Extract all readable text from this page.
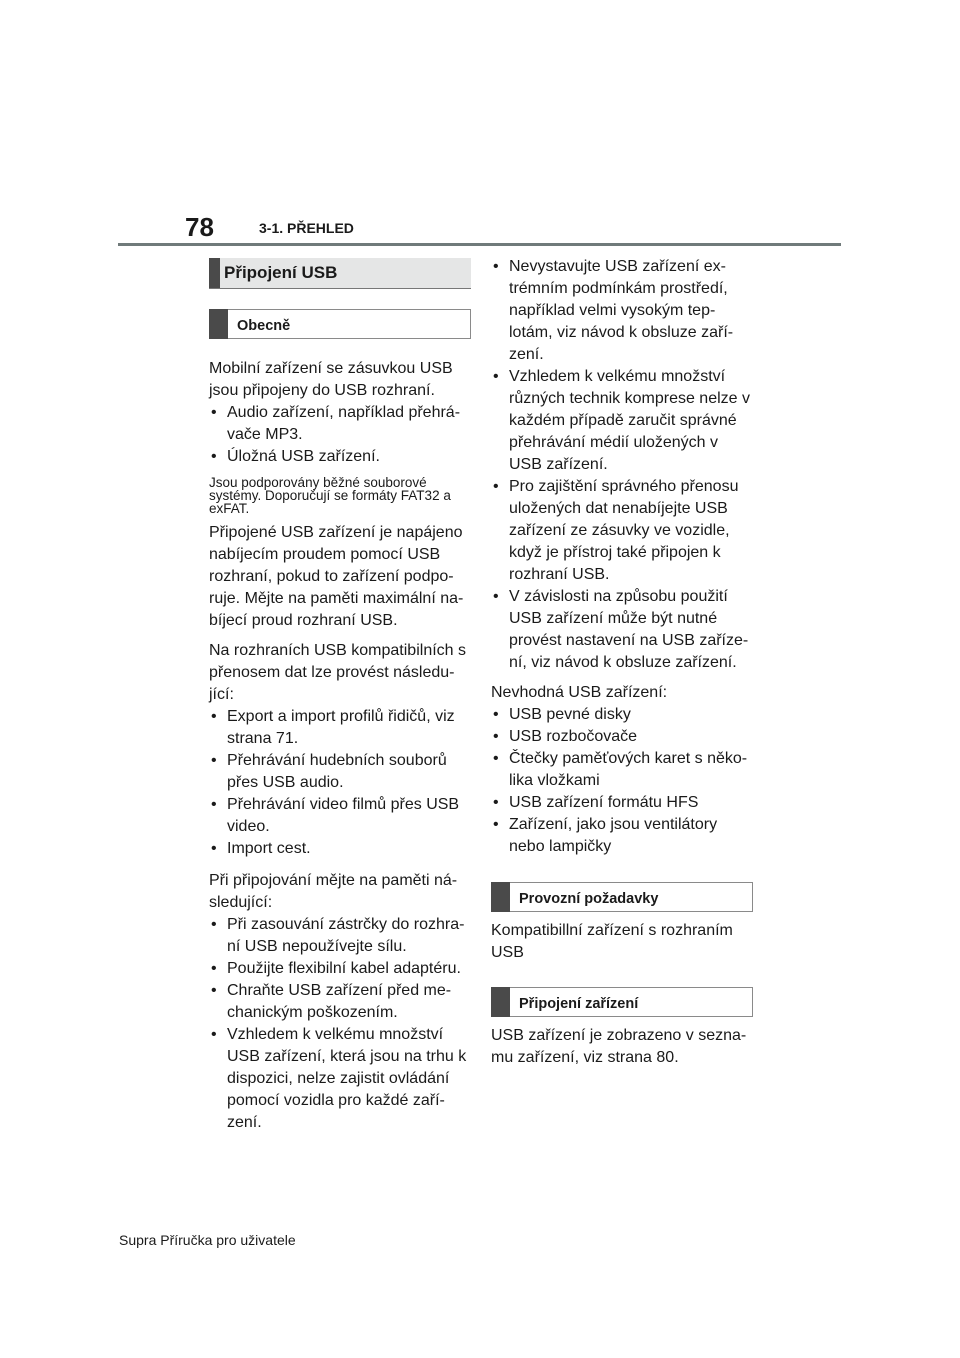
78	3-1. PŘEHLED
Připojení USB
Obecně

Mobilní zařízení se zásuvkou USB jsou připojeny do USB rozhraní.

• Audio zařízení, například přehrá-vače MP3.
• Úložná USB zařízení.

Jsou podporovány běžné souborové systémy. Doporučují se formáty FAT32 a exFAT.

Připojené USB zařízení je napájeno nabíjecím proudem pomocí USB rozhraní, pokud to zařízení podpo-ruje. Mějte na paměti maximální na-bíjecí proud rozhraní USB.

Na rozhraních USB kompatibilních s přenosem dat lze provést následu-jící:

• Export a import profilů řidičů, viz strana 71.
• Přehrávání hudebních souborů přes USB audio.
• Přehrávání video filmů přes USB video.
• Import cest.

Při připojování mějte na paměti ná-sledující:

• Při zasouvání zástrčky do rozhra-ní USB nepoužívejte sílu.
• Použijte flexibilní kabel adaptéru.
• Chraňte USB zařízení před me-chanickým poškozením.
• Vzhledem k velkému množství USB zařízení, která jsou na trhu k dispozici, nelze zajistit ovládání pomocí vozidla pro každé zaří-zení.
• Nevystavujte USB zařízení ex-trémním podmínkám prostředí, například velmi vysokým tep-lotám, viz návod k obsluze zaří-zení.
• Vzhledem k velkému množství různých technik komprese nelze v každém případě zaručit správné přehrávání médií uložených v USB zařízení.
• Pro zajištění správného přenosu uložených dat nenabíjejte USB zařízení ze zásuvky ve vozidle, když je přístroj také připojen k rozhraní USB.
• V závislosti na způsobu použití USB zařízení může být nutné provést nastavení na USB zaříze-ní, viz návod k obsluze zařízení.

Nevhodná USB zařízení:

• USB pevné disky
• USB rozbočovače
• Čtečky paměťových karet s něko-lika vložkami
• USB zařízení formátu HFS
• Zařízení, jako jsou ventilátory nebo lampičky
Provozní požadavky

Kompatibillní zařízení s rozhraním USB

Připojení zařízení

USB zařízení je zobrazeno v sezna-mu zařízení, viz strana 80.

Supra Příručka pro uživatele
